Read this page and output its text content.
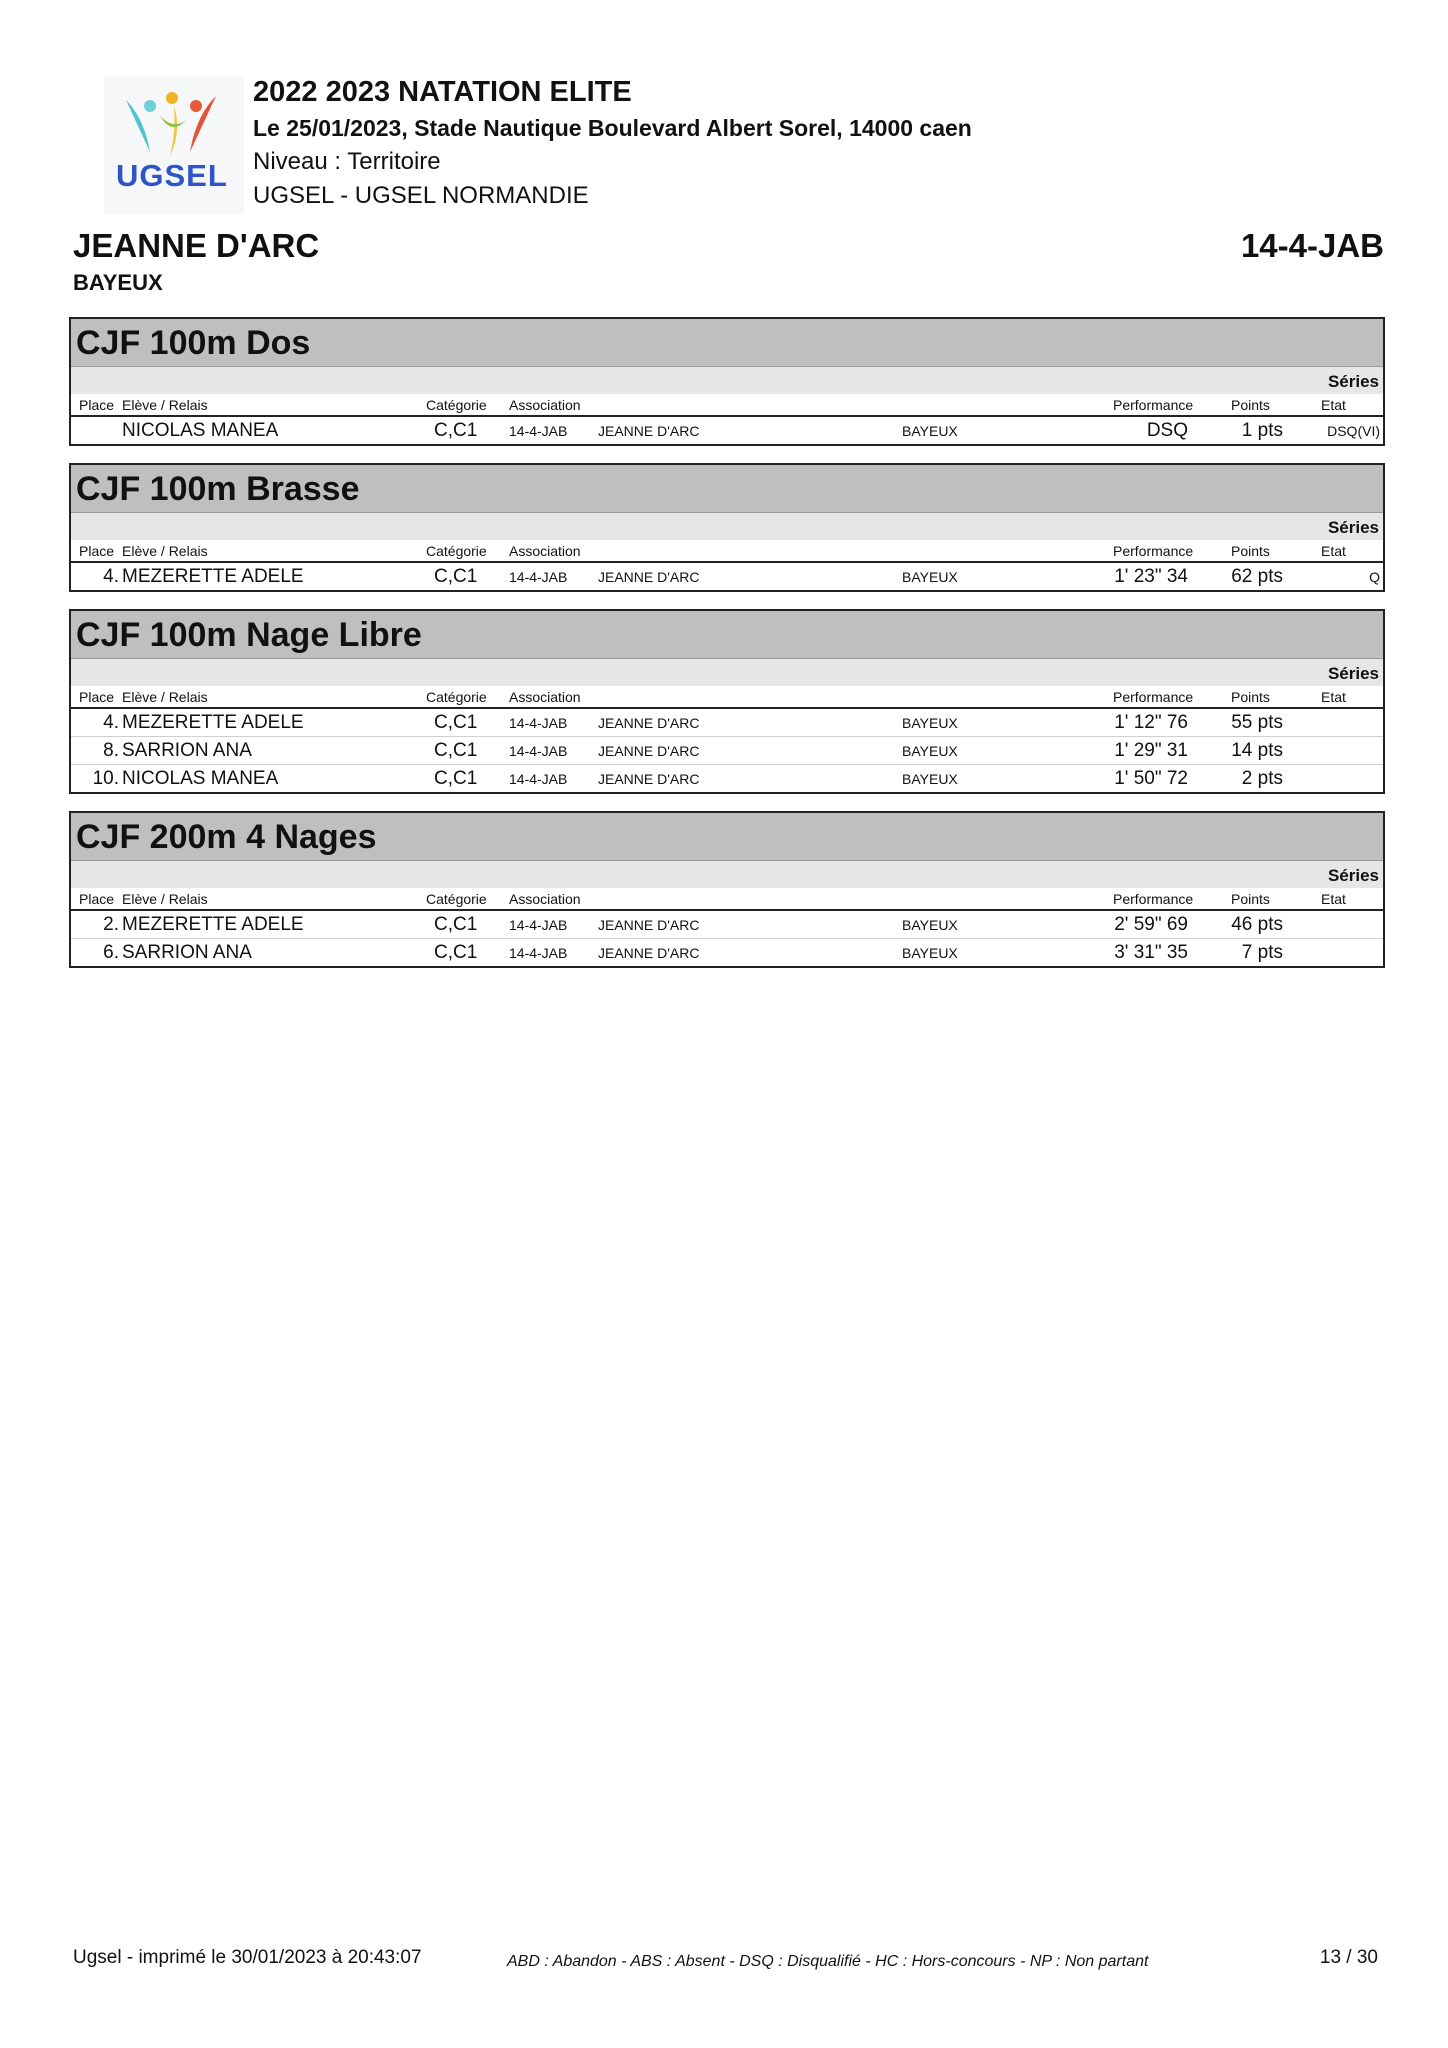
UGSEL
2022 2023 NATATION ELITE
Le 25/01/2023, Stade Nautique Boulevard Albert Sorel, 14000 caen
Niveau : Territoire
UGSEL - UGSEL NORMANDIE
JEANNE D'ARC
BAYEUX
14-4-JAB
CJF 100m Dos
Séries
Place Elève / Relais	Catégorie Association	Performance	Points	Etat
NICOLAS MANEA	C,C1 14-4-JAB JEANNE D'ARC	BAYEUX	DSQ	1 pts	DSQ(VI)
CJF 100m Brasse
Séries
Place Elève / Relais	Catégorie Association	Performance	Points	Etat
4. MEZERETTE ADELE	C,C1 14-4-JAB JEANNE D'ARC	BAYEUX	1' 23" 34 62 pts	Q
CJF 100m Nage Libre
Séries
Place Elève / Relais	Catégorie Association	Performance	Points	Etat
4. MEZERETTE ADELE	C,C1 14-4-JAB JEANNE D'ARC	BAYEUX	1' 12" 76 55 pts
8. SARRION ANA	C,C1 14-4-JAB JEANNE D'ARC	BAYEUX	1' 29" 31 14 pts
10. NICOLAS MANEA	C,C1 14-4-JAB JEANNE D'ARC	BAYEUX	1' 50" 72	2 pts
CJF 200m 4 Nages
Séries
Place Elève / Relais	Catégorie Association	Performance	Points	Etat
2. MEZERETTE ADELE	C,C1 14-4-JAB JEANNE D'ARC	BAYEUX	2' 59" 69 46 pts
6. SARRION ANA	C,C1 14-4-JAB JEANNE D'ARC	BAYEUX	3' 31" 35	7 pts
Ugsel - imprimé le 30/01/2023 à 20:43:07	ABD : Abandon - ABS : Absent - DSQ : Disqualifié - HC : Hors-concours - NP : Non partant	13 / 30
